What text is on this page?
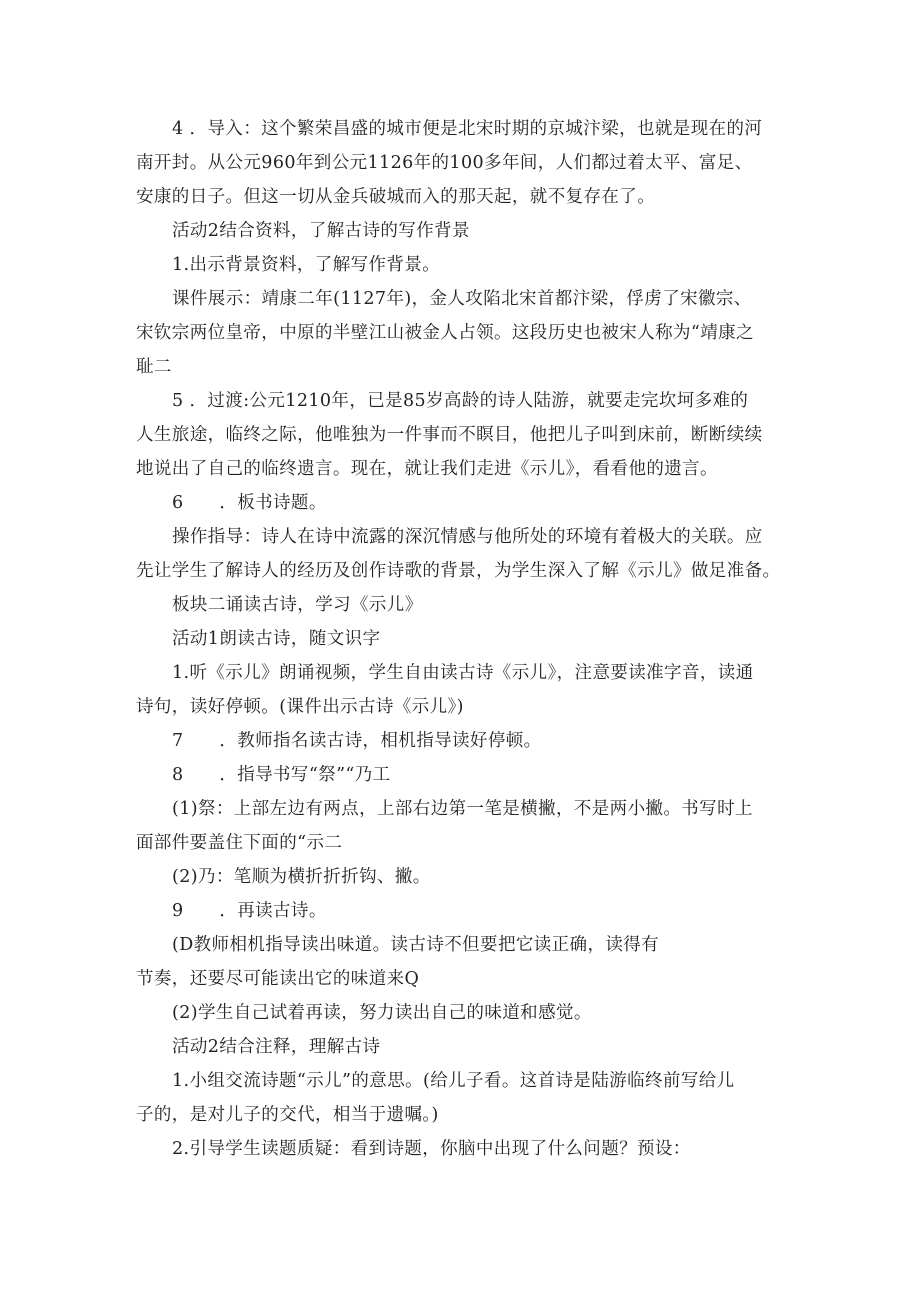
4 ．导入：这个繁荣昌盛的城市便是北宋时期的京城汴梁，也就是现在的河
南开封。从公元960年到公元1126年的100多年间，人们都过着太平、富足、
安康的日子。但这一切从金兵破城而入的那天起，就不复存在了。
活动2结合资料，了解古诗的写作背景
1.出示背景资料，了解写作背景。
课件展示：靖康二年(1127年)，金人攻陷北宋首都汴梁，俘虏了宋徽宗、
宋钦宗两位皇帝，中原的半壁江山被金人占领。这段历史也被宋人称为“靖康之
耻二
5 ．过渡:公元1210年，已是85岁高龄的诗人陆游，就要走完坎坷多难的
人生旅途，临终之际，他唯独为一件事而不瞑目，他把儿子叫到床前，断断续续
地说出了自己的临终遗言。现在，就让我们走进《示儿》，看看他的遗言。
6　　．板书诗题。
操作指导：诗人在诗中流露的深沉情感与他所处的环境有着极大的关联。应
先让学生了解诗人的经历及创作诗歌的背景，为学生深入了解《示儿》做足准备。
板块二诵读古诗，学习《示儿》
活动1朗读古诗，随文识字
1.听《示儿》朗诵视频，学生自由读古诗《示儿》，注意要读准字音，读通
诗句，读好停顿。(课件出示古诗《示儿》)
7　　．教师指名读古诗，相机指导读好停顿。
8　　．指导书写“祭”“乃工
(1)祭：上部左边有两点，上部右边第一笔是横撇，不是两小撇。书写时上
面部件要盖住下面的“示二
(2)乃：笔顺为横折折折钩、撇。
9　　．再读古诗。
(D教师相机指导读出味道。读古诗不但要把它读正确，读得有
节奏，还要尽可能读出它的味道来Q
(2)学生自己试着再读，努力读出自己的味道和感觉。
活动2结合注释，理解古诗
1.小组交流诗题“示儿”的意思。(给儿子看。这首诗是陆游临终前写给儿
子的，是对儿子的交代，相当于遗嘱。)
2.引导学生读题质疑：看到诗题，你脑中出现了什么问题？预设：
